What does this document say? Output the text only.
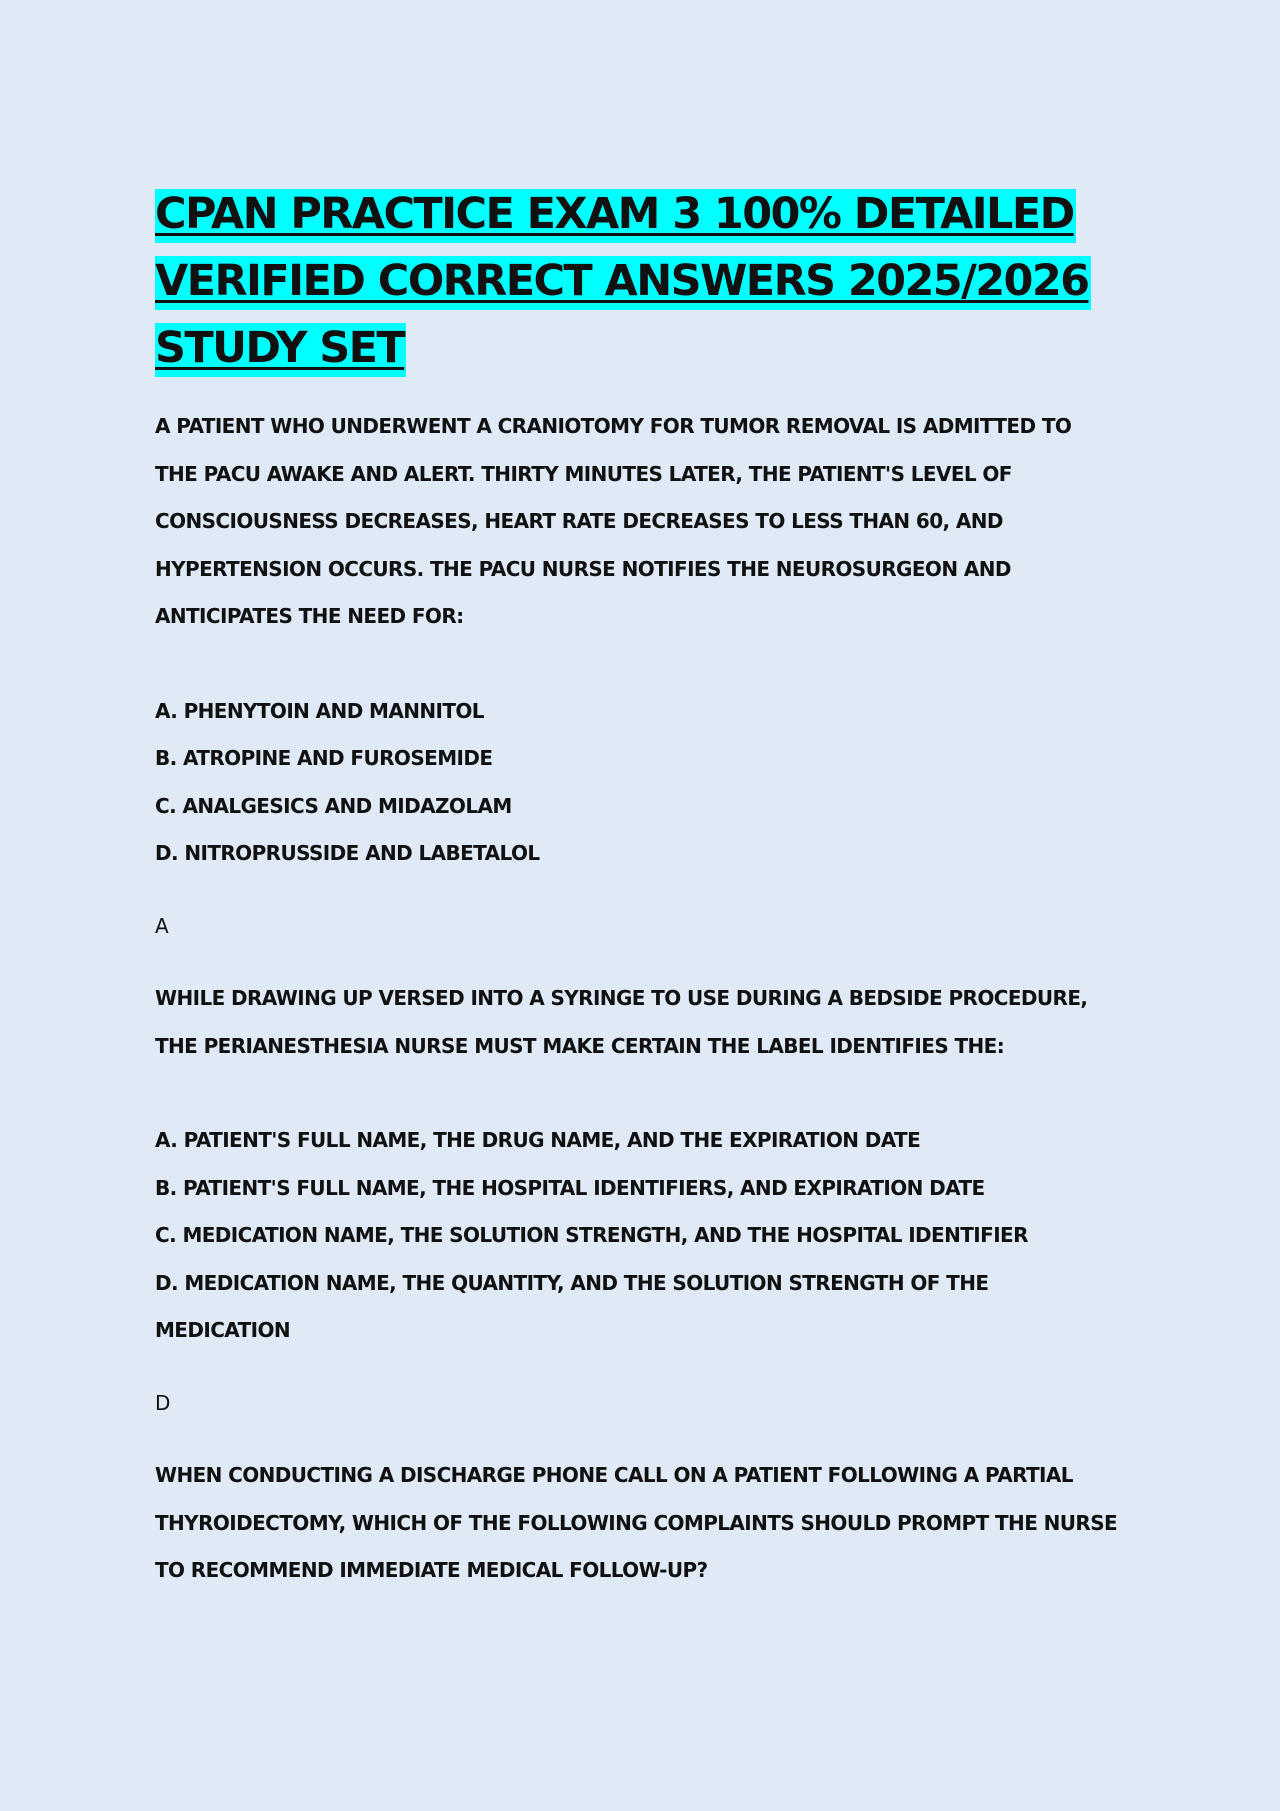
CPAN PRACTICE EXAM 3 100% DETAILED
VERIFIED CORRECT ANSWERS 2025/2026
STUDY SET
A PATIENT WHO UNDERWENT A CRANIOTOMY FOR TUMOR REMOVAL IS ADMITTED TO
THE PACU AWAKE AND ALERT. THIRTY MINUTES LATER, THE PATIENT'S LEVEL OF
CONSCIOUSNESS DECREASES, HEART RATE DECREASES TO LESS THAN 60, AND
HYPERTENSION OCCURS. THE PACU NURSE NOTIFIES THE NEUROSURGEON AND
ANTICIPATES THE NEED FOR:
A. PHENYTOIN AND MANNITOL
B. ATROPINE AND FUROSEMIDE
C. ANALGESICS AND MIDAZOLAM
D. NITROPRUSSIDE AND LABETALOL
A
WHILE DRAWING UP VERSED INTO A SYRINGE TO USE DURING A BEDSIDE PROCEDURE,
THE PERIANESTHESIA NURSE MUST MAKE CERTAIN THE LABEL IDENTIFIES THE:
A. PATIENT'S FULL NAME, THE DRUG NAME, AND THE EXPIRATION DATE
B. PATIENT'S FULL NAME, THE HOSPITAL IDENTIFIERS, AND EXPIRATION DATE
C. MEDICATION NAME, THE SOLUTION STRENGTH, AND THE HOSPITAL IDENTIFIER
D. MEDICATION NAME, THE QUANTITY, AND THE SOLUTION STRENGTH OF THE
MEDICATION
D
WHEN CONDUCTING A DISCHARGE PHONE CALL ON A PATIENT FOLLOWING A PARTIAL
THYROIDECTOMY, WHICH OF THE FOLLOWING COMPLAINTS SHOULD PROMPT THE NURSE
TO RECOMMEND IMMEDIATE MEDICAL FOLLOW-UP?
